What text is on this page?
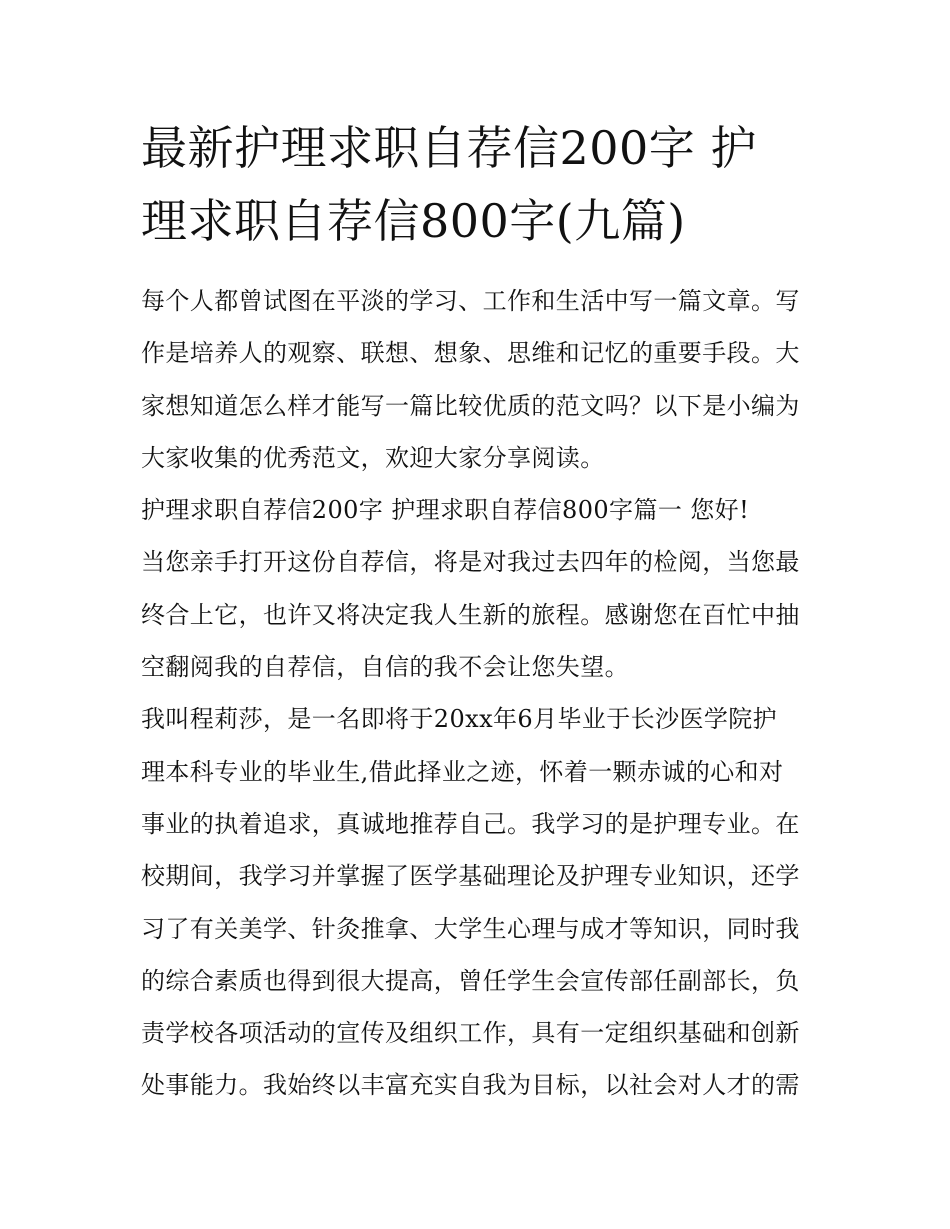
最新护理求职自荐信200字 护
理求职自荐信800字(九篇)
每个人都曾试图在平淡的学习、工作和生活中写一篇文章。写
作是培养人的观察、联想、想象、思维和记忆的重要手段。大
家想知道怎么样才能写一篇比较优质的范文吗？以下是小编为
大家收集的优秀范文，欢迎大家分享阅读。
护理求职自荐信200字 护理求职自荐信800字篇一 您好!
当您亲手打开这份自荐信，将是对我过去四年的检阅，当您最
终合上它，也许又将决定我人生新的旅程。感谢您在百忙中抽
空翻阅我的自荐信，自信的我不会让您失望。
我叫程莉莎，是一名即将于20xx年6月毕业于长沙医学院护
理本科专业的毕业生,借此择业之迹，怀着一颗赤诚的心和对
事业的执着追求，真诚地推荐自己。我学习的是护理专业。在
校期间，我学习并掌握了医学基础理论及护理专业知识，还学
习了有关美学、针灸推拿、大学生心理与成才等知识，同时我
的综合素质也得到很大提高，曾任学生会宣传部任副部长，负
责学校各项活动的宣传及组织工作，具有一定组织基础和创新
处事能力。我始终以丰富充实自我为目标，以社会对人才的需
